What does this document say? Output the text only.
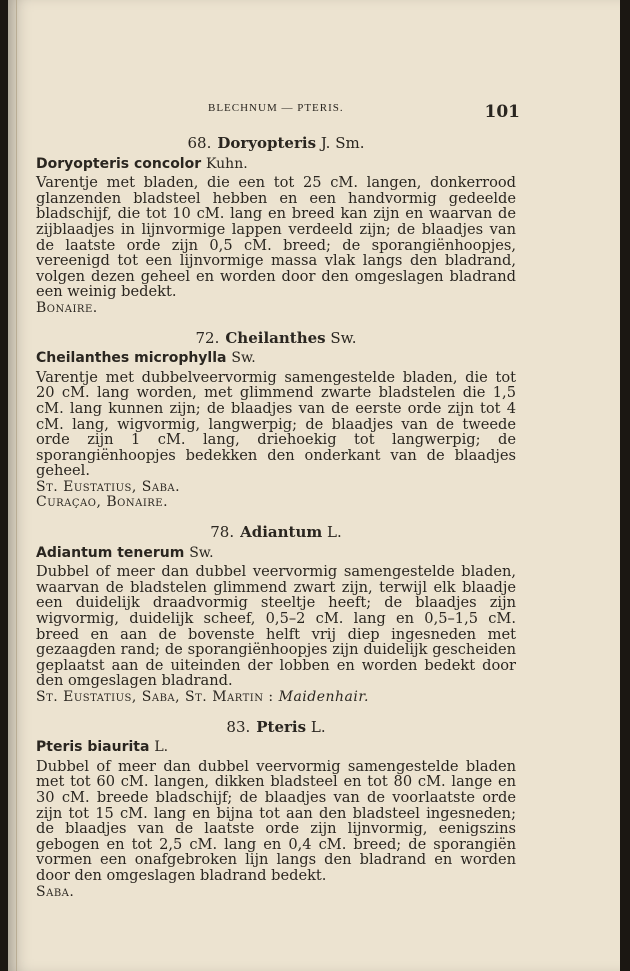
BLECHNUM — PTERIS.	101
68. Doryopteris J. Sm.
Doryopteris concolor Kuhn.

Varentje met bladen, die een tot 25 cM. langen, donkerrood glanzenden bladsteel hebben en een handvormig gedeelde bladschijf, die tot 10 cM. lang en breed kan zijn en waarvan de zijblaadjes in lijnvormige lappen verdeeld zijn; de blaadjes van de laatste orde zijn 0,5 cM. breed; de sporangiënhoopjes, vereenigd tot een lijnvormige massa vlak langs den bladrand, volgen dezen geheel en worden door den omgeslagen bladrand een weinig bedekt.

Bonaire.

72. Cheilanthes Sw.
Cheilanthes microphylla Sw.

Varentje met dubbelveervormig samengestelde bladen, die tot 20 cM. lang worden, met glimmend zwarte bladstelen die 1,5 cM. lang kunnen zijn; de blaadjes van de eerste orde zijn tot 4 cM. lang, wigvormig, langwerpig; de blaadjes van de tweede orde zijn 1 cM. lang, driehoekig tot langwerpig; de sporangiënhoopjes bedekken den onderkant van de blaadjes geheel.

St. Eustatius, Saba.

Curaçao, Bonaire.

78. Adiantum L.
Adiantum tenerum Sw.

Dubbel of meer dan dubbel veervormig samengestelde bladen, waarvan de bladstelen glimmend zwart zijn, terwijl elk blaadje een duidelijk draadvormig steeltje heeft; de blaadjes zijn wigvormig, duidelijk scheef, 0,5–2 cM. lang en 0,5–1,5 cM. breed en aan de bovenste helft vrij diep ingesneden met gezaagden rand; de sporangiënhoopjes zijn duidelijk gescheiden geplaatst aan de uiteinden der lobben en worden bedekt door den omgeslagen bladrand.

St. Eustatius, Saba, St. Martin : Maidenhair.

83. Pteris L.
Pteris biaurita L.

Dubbel of meer dan dubbel veervormig samengestelde bladen met tot 60 cM. langen, dikken bladsteel en tot 80 cM. lange en 30 cM. breede bladschijf; de blaadjes van de voorlaatste orde zijn tot 15 cM. lang en bijna tot aan den bladsteel ingesneden; de blaadjes van de laatste orde zijn lijnvormig, eenigszins gebogen en tot 2,5 cM. lang en 0,4 cM. breed; de sporangiën vormen een onafgebroken lijn langs den bladrand en worden door den omgeslagen bladrand bedekt.

Saba.
